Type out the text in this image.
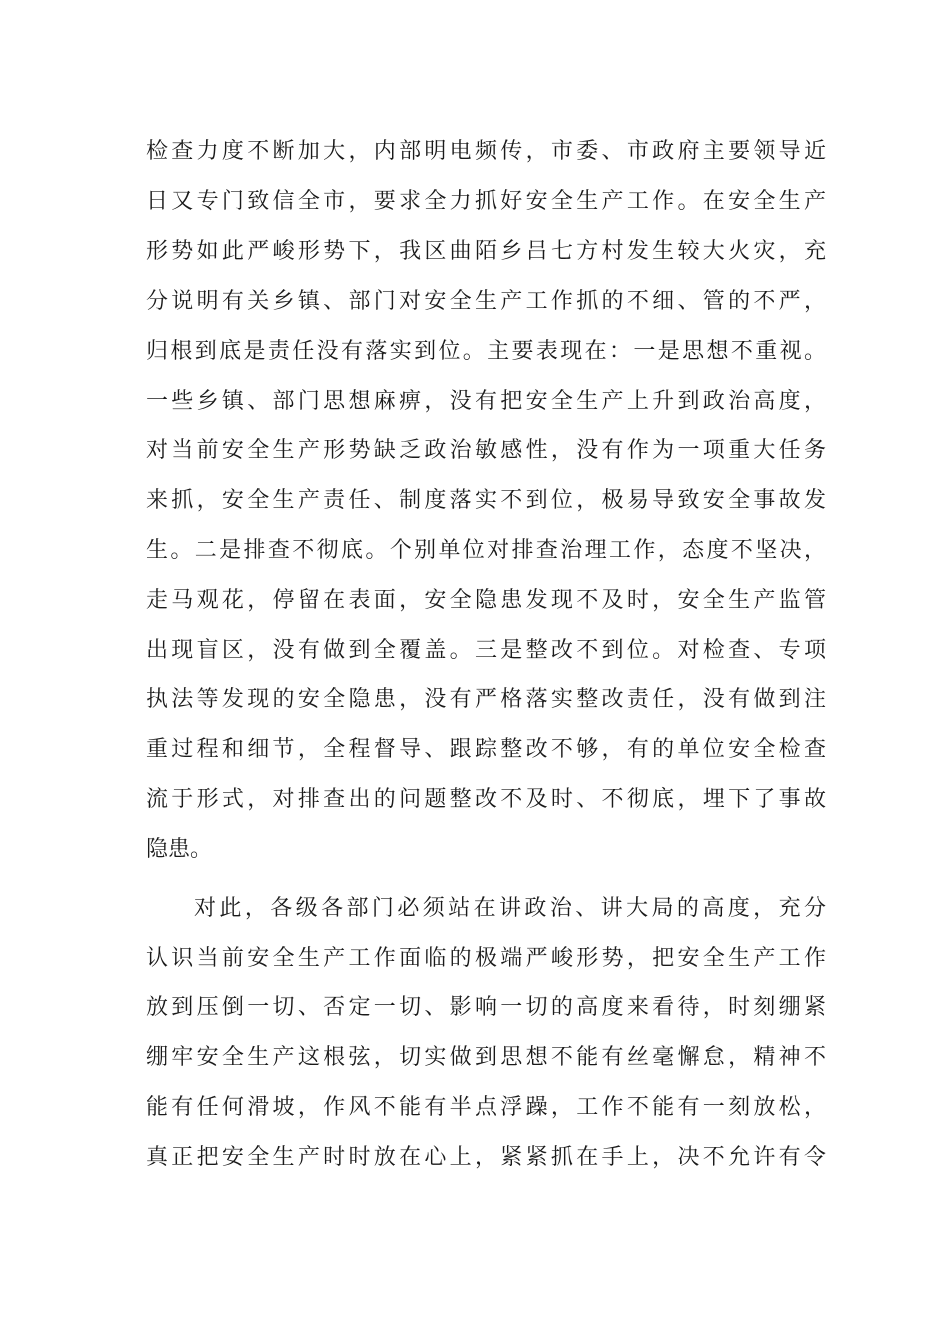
检查力度不断加大，内部明电频传，市委、市政府主要领导近
日又专门致信全市，要求全力抓好安全生产工作。在安全生产
形势如此严峻形势下，我区曲陌乡吕七方村发生较大火灾，充
分说明有关乡镇、部门对安全生产工作抓的不细、管的不严，
归根到底是责任没有落实到位。主要表现在：一是思想不重视。
一些乡镇、部门思想麻痹，没有把安全生产上升到政治高度，
对当前安全生产形势缺乏政治敏感性，没有作为一项重大任务
来抓，安全生产责任、制度落实不到位，极易导致安全事故发
生。二是排查不彻底。个别单位对排查治理工作，态度不坚决，
走马观花，停留在表面，安全隐患发现不及时，安全生产监管
出现盲区，没有做到全覆盖。三是整改不到位。对检查、专项
执法等发现的安全隐患，没有严格落实整改责任，没有做到注
重过程和细节，全程督导、跟踪整改不够，有的单位安全检查
流于形式，对排查出的问题整改不及时、不彻底，埋下了事故
隐患。
对此，各级各部门必须站在讲政治、讲大局的高度，充分
认识当前安全生产工作面临的极端严峻形势，把安全生产工作
放到压倒一切、否定一切、影响一切的高度来看待，时刻绷紧
绷牢安全生产这根弦，切实做到思想不能有丝毫懈怠，精神不
能有任何滑坡，作风不能有半点浮躁，工作不能有一刻放松，
真正把安全生产时时放在心上，紧紧抓在手上，决不允许有令
